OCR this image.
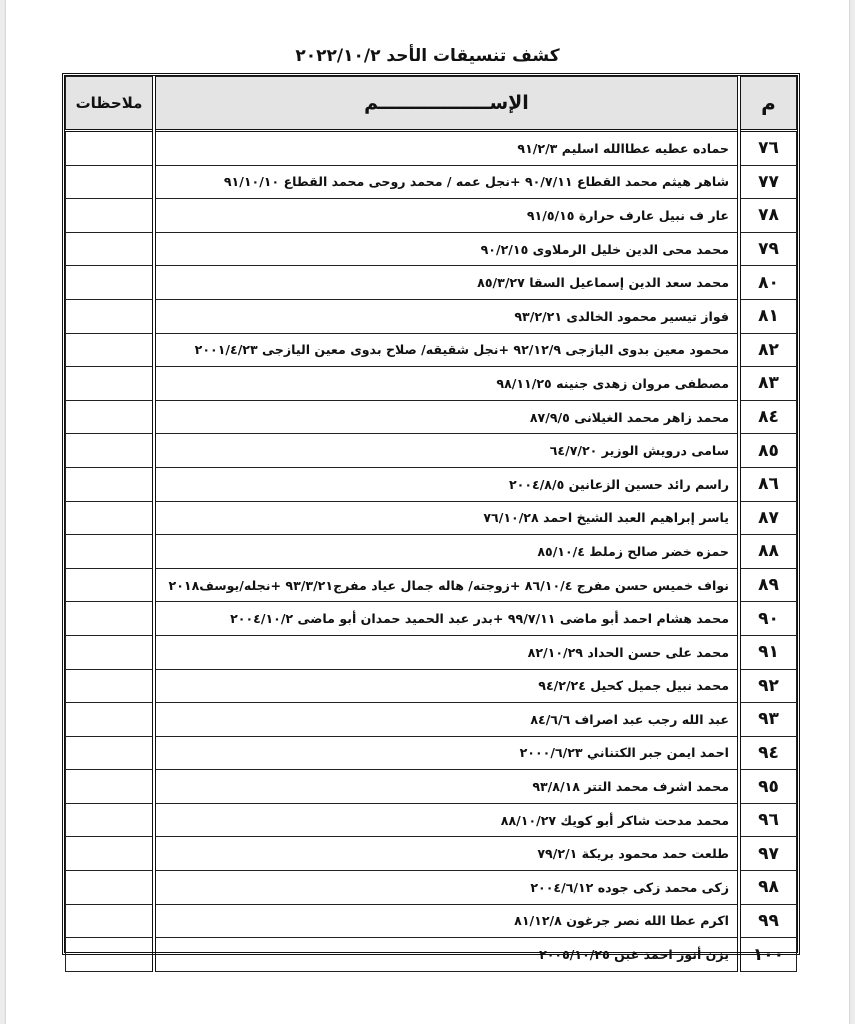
كشف تنسيقات الأحد ٢٠٢٢/١٠/٢
م	الإســـــــــــــــــم	ملاحظات
٧٦	حماده عطيه عطاالله اسليم ٩١/٢/٣	
٧٧	شاهر هيثم محمد القطاع ٩٠/٧/١١ +نجل عمه / محمد روحى محمد القطاع ٩١/١٠/١٠	
٧٨	عار ف نبيل عارف حرارة ٩١/٥/١٥	
٧٩	محمد محى الدين خليل الرملاوى ٩٠/٢/١٥	
٨٠	محمد سعد الدين إسماعيل السقا ٨٥/٣/٢٧	
٨١	فواز تيسير محمود الخالدى ٩٣/٢/٢١	
٨٢	محمود معين بدوى اليازجى ٩٢/١٢/٩ +نجل شقيقه/ صلاح بدوى معين اليازجى ٢٠٠١/٤/٢٣	
٨٣	مصطفى مروان زهدى جنينه ٩٨/١١/٢٥	
٨٤	محمد زاهر محمد الغيلانى ٨٧/٩/٥	
٨٥	سامى درويش الوزير ٦٤/٧/٢٠	
٨٦	راسم رائد حسين الزعانين ٢٠٠٤/٨/٥	
٨٧	ياسر إبراهيم العبد الشيخ احمد ٧٦/١٠/٢٨	
٨٨	حمزه خضر صالح زملط ٨٥/١٠/٤	
٨٩	نواف خميس حسن مفرج ٨٦/١٠/٤ +زوجته/ هاله جمال عياد مفرج٩٣/٣/٢١ +نجله/يوسف٢٠١٨	
٩٠	محمد هشام احمد أبو ماضى ٩٩/٧/١١ +بدر عبد الحميد حمدان أبو ماضى ٢٠٠٤/١٠/٢	
٩١	محمد على حسن الحداد ٨٢/١٠/٢٩	
٩٢	محمد نبيل جميل كحيل ٩٤/٢/٢٤	
٩٣	عبد الله رجب عبد اصراف ٨٤/٦/٦	
٩٤	احمد ايمن جبر الكتناني ٢٠٠٠/٦/٢٣	
٩٥	محمد اشرف محمد التتر ٩٣/٨/١٨	
٩٦	محمد مدحت شاكر أبو كويك ٨٨/١٠/٢٧	
٩٧	طلعت حمد محمود بريكة ٧٩/٢/١	
٩٨	زكى محمد زكى جوده ٢٠٠٤/٦/١٢	
٩٩	اكرم عطا الله نصر جرغون ٨١/١٢/٨	
١٠٠	يزن أنور احمد غبن ٢٠٠٥/١٠/٢٥	
